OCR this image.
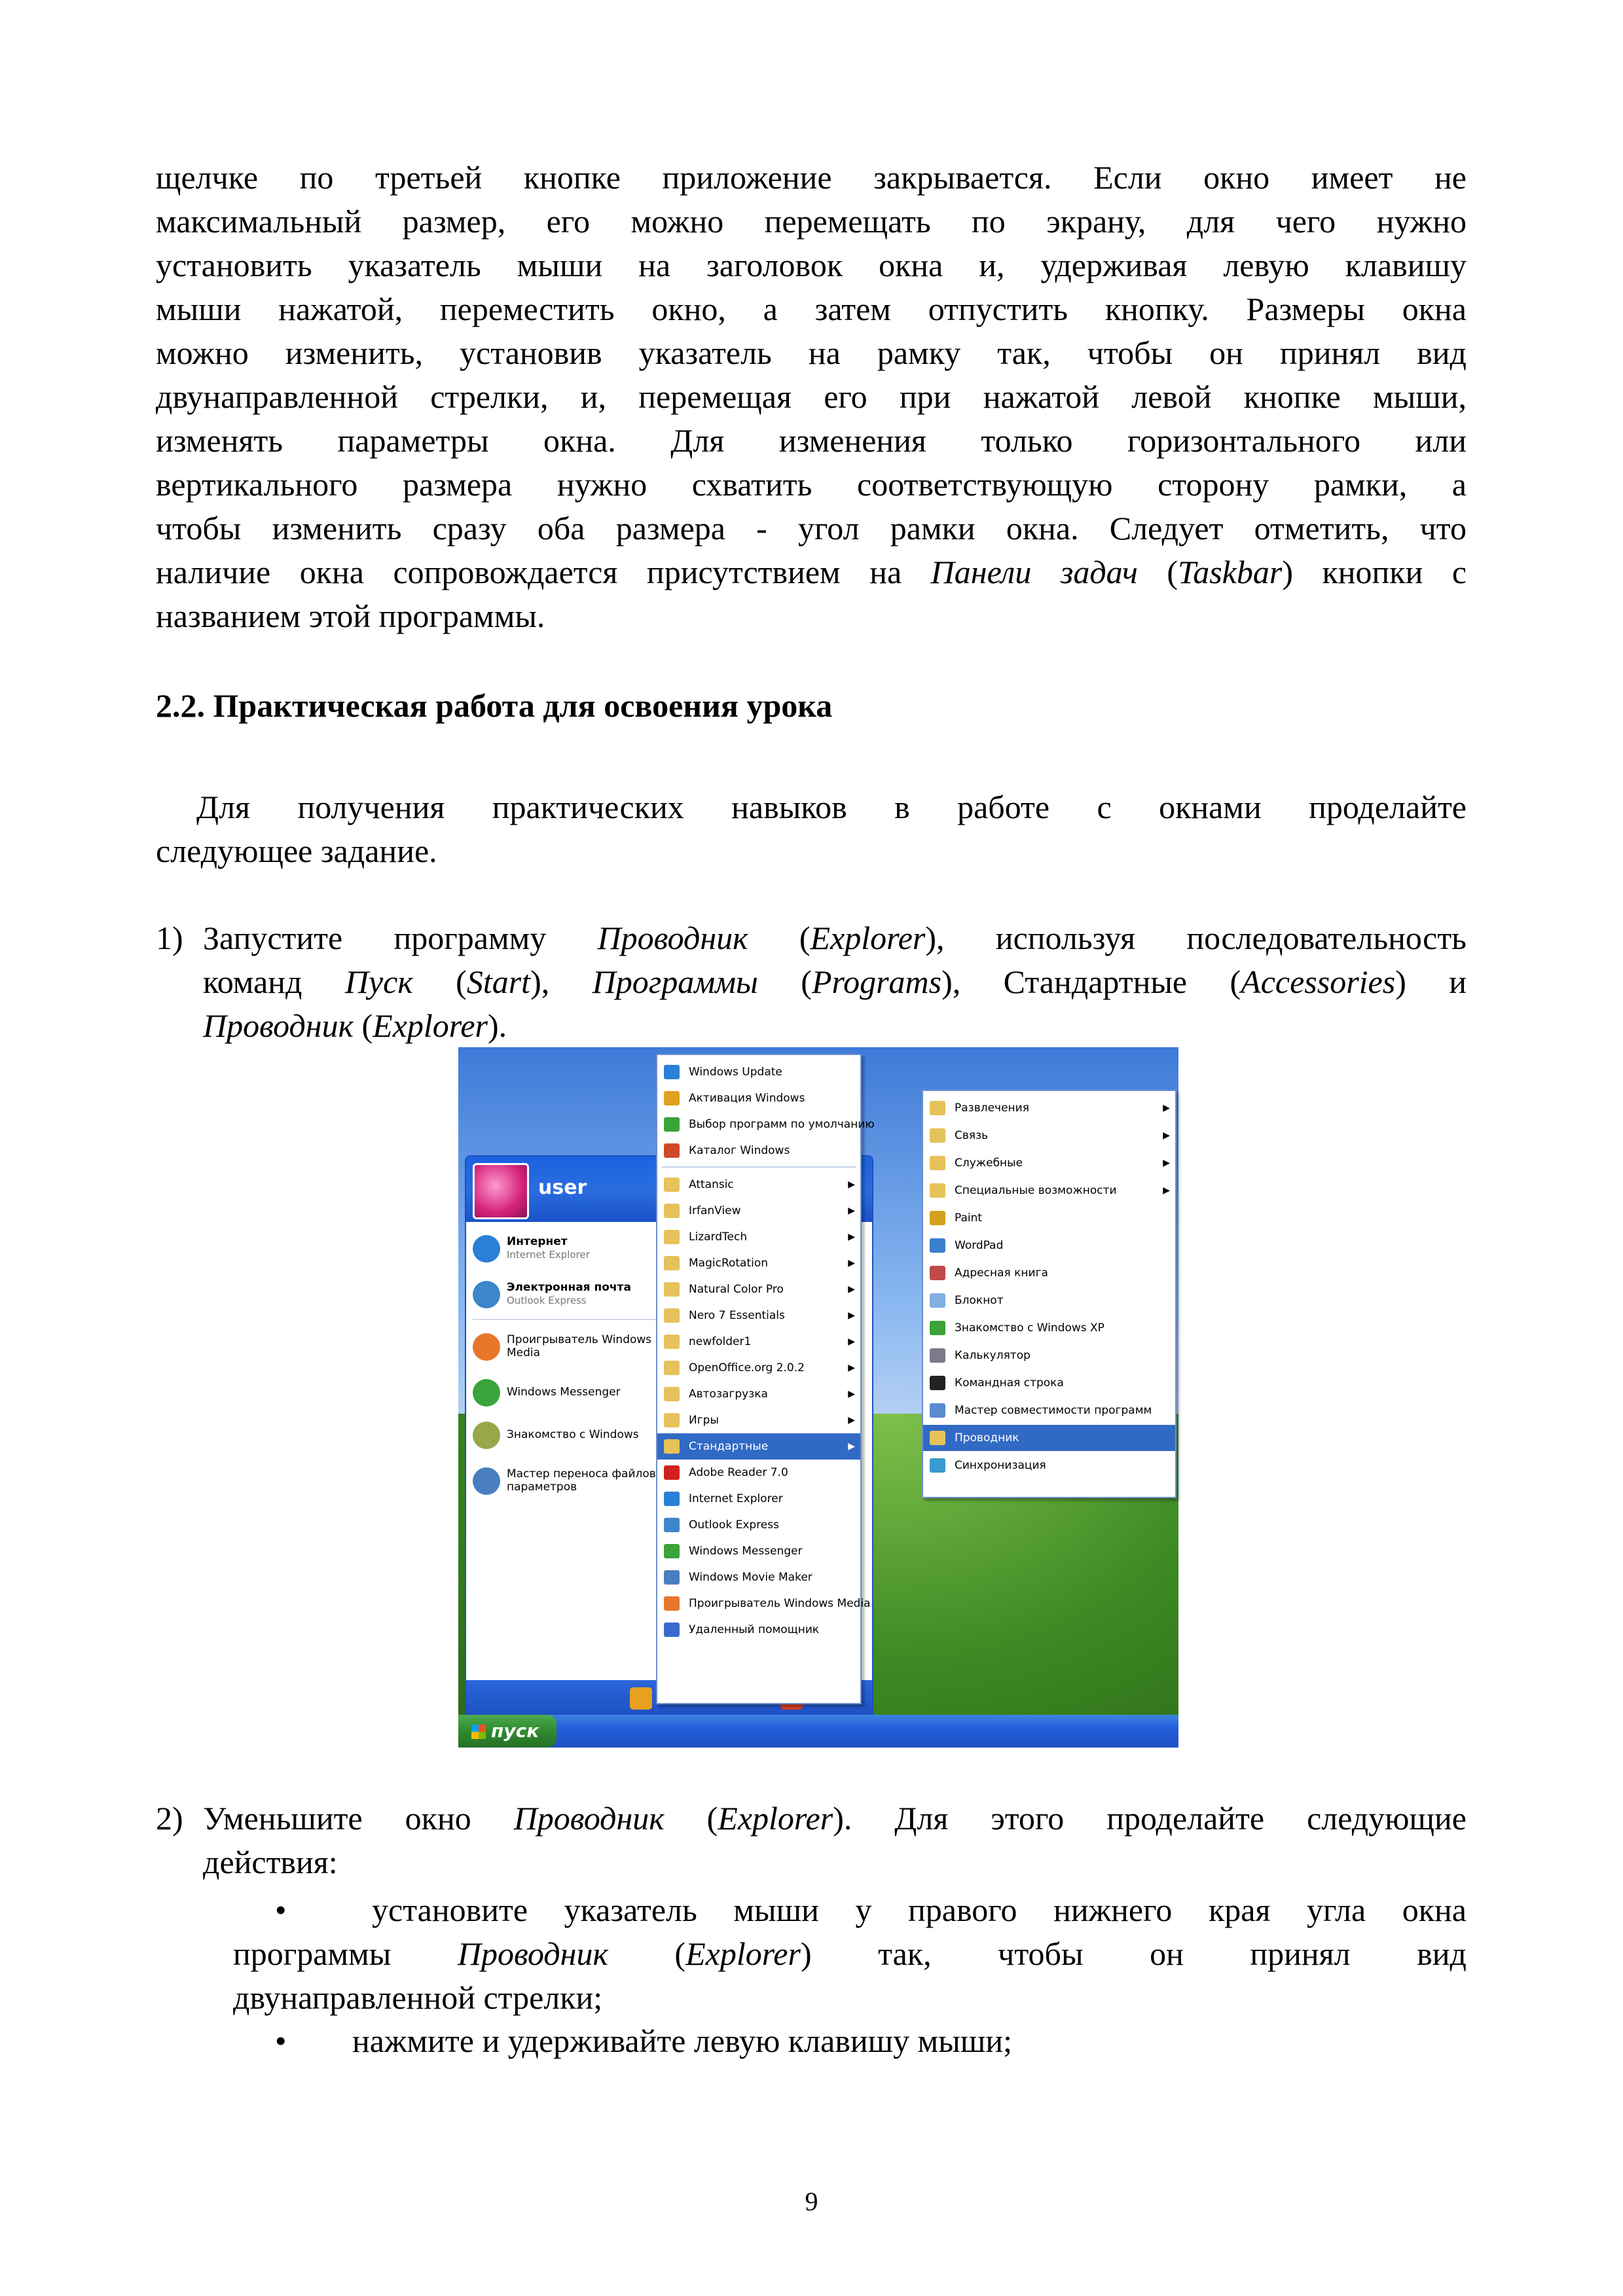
щелчке по третьей кнопке приложение закрывается. Если окно имеет не
максимальный размер, его можно перемещать по экрану, для чего нужно
установить указатель мыши на заголовок окна и, удерживая левую клавишу
мыши нажатой, переместить окно, а затем отпустить кнопку. Размеры окна
можно изменить, установив указатель на рамку так, чтобы он принял вид
двунаправленной стрелки, и, перемещая его при нажатой левой кнопке мыши,
изменять параметры окна. Для изменения только горизонтального или
вертикального размера нужно схватить соответствующую сторону рамки, а
чтобы изменить сразу оба размера - угол рамки окна. Следует отметить, что
наличие окна сопровождается присутствием на Панели задач (Taskbar) кнопки с
названием этой программы.
2.2. Практическая работа для освоения урока
Для получения практических навыков в работе с окнами проделайте
следующее задание.
1) Запустите программу Проводник (Explorer), используя последовательность
команд Пуск (Start), Программы (Programs), Стандартные (Accessories) и
Проводник (Explorer).
user
Интернет
Internet Explorer
Электронная почта
Outlook Express
Проигрыватель Windows
Media
Windows Messenger
Знакомство с Windows
Мастер переноса файлов
параметров
Windows Update
Активация Windows
Выбор программ по умолчанию
Каталог Windows
Attansic	▶
IrfanView	▶
LizardTech	▶
MagicRotation	▶
Natural Color Pro	▶
Nero 7 Essentials	▶
newfolder1	▶
OpenOffice.org 2.0.2	▶
Автозагрузка	▶
Игры	▶
Стандартные	▶
Adobe Reader 7.0
Internet Explorer
Outlook Express
Windows Messenger
Windows Movie Maker
Проигрыватель Windows Media
Удаленный помощник
Развлечения	▶
Связь	▶
Служебные	▶
Специальные возможности	▶
Paint
WordPad
Адресная книга
Блокнот
Знакомство с Windows XP
Калькулятор
Командная строка
Мастер совместимости программ
Проводник
Синхронизация
пуск
2) Уменьшите окно Проводник (Explorer). Для этого проделайте следующие
действия:
•	установите указатель мыши у правого нижнего края угла окна
программы Проводник (Explorer) так, чтобы он принял вид
двунаправленной стрелки;
• нажмите и удерживайте левую клавишу мыши;
9
